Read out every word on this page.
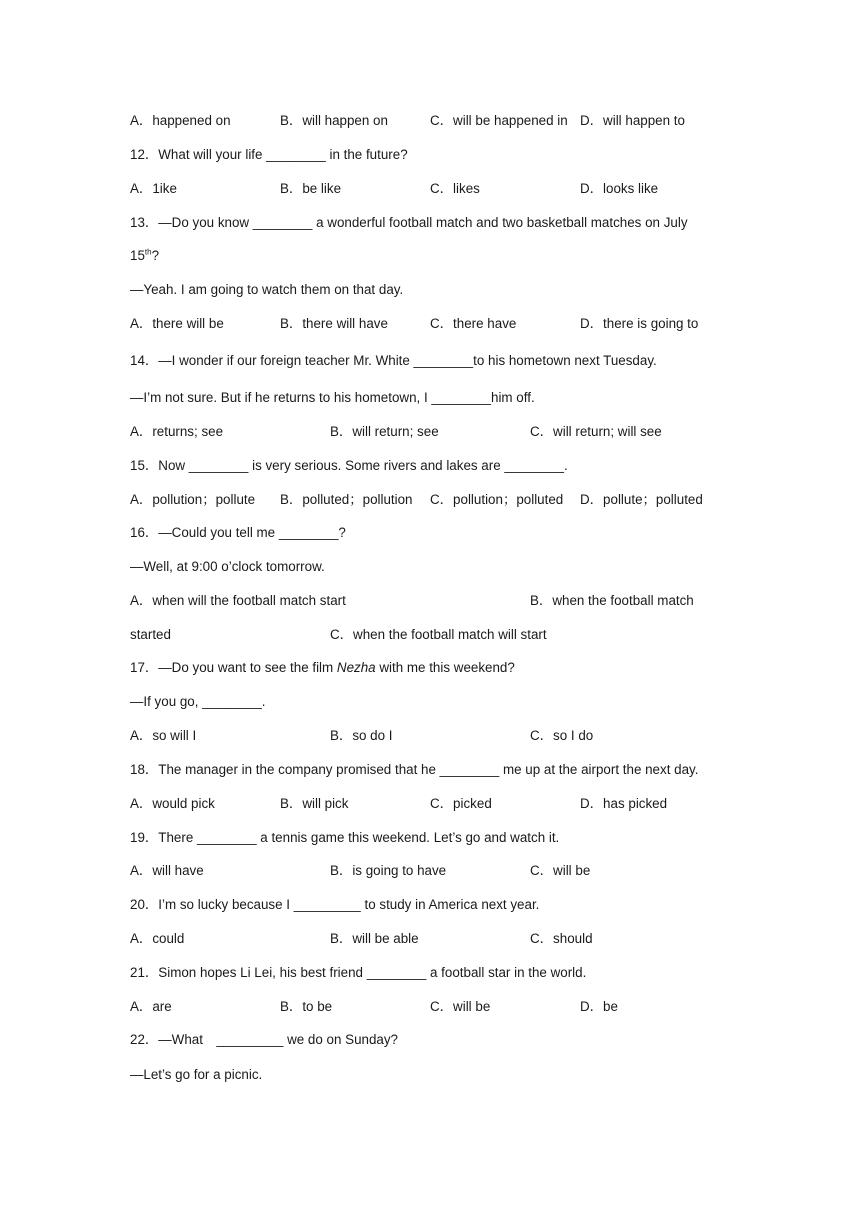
A．happened on	B．will happen on	C．will be happened in D．will happen to
12．What will your life ________ in the future?
A．1ike	B．be like	C．likes	D．looks like
13．—Do you know ________ a wonderful football match and two basketball matches on July
15th?
—Yeah. I am going to watch them on that day.
A．there will be	B．there will have	C．there have	D．there is going to
14．—I wonder if our foreign teacher Mr. White ________to his hometown next Tuesday.
—I’m not sure. But if he returns to his hometown, I ________him off.
A．returns; see	B．will return; see	C．will return; will see
15．Now ________ is very serious. Some rivers and lakes are ________.
A．pollution；pollute B．polluted；pollution C．pollution；polluted D．pollute；polluted
16．—Could you tell me ________?
—Well, at 9:00 o’clock tomorrow.
A．when will the football match start	B．when the football match
started	C．when the football match will start
17．—Do you want to see the film Nezha with me this weekend?
—If you go, ________.
A．so will I	B．so do I	C．so I do
18．The manager in the company promised that he ________ me up at the airport the next day.
A．would pick	B．will pick	C．picked	D．has picked
19．There ________ a tennis game this weekend. Let’s go and watch it.
A．will have	B．is going to have	C．will be
20．I’m so lucky because I _________ to study in America next year.
A．could	B．will be able	C．should
21．Simon hopes Li Lei, his best friend ________ a football star in the world.
A．are	B．to be	C．will be	D．be
22．—What　_________ we do on Sunday?
—Let’s go for a picnic.
